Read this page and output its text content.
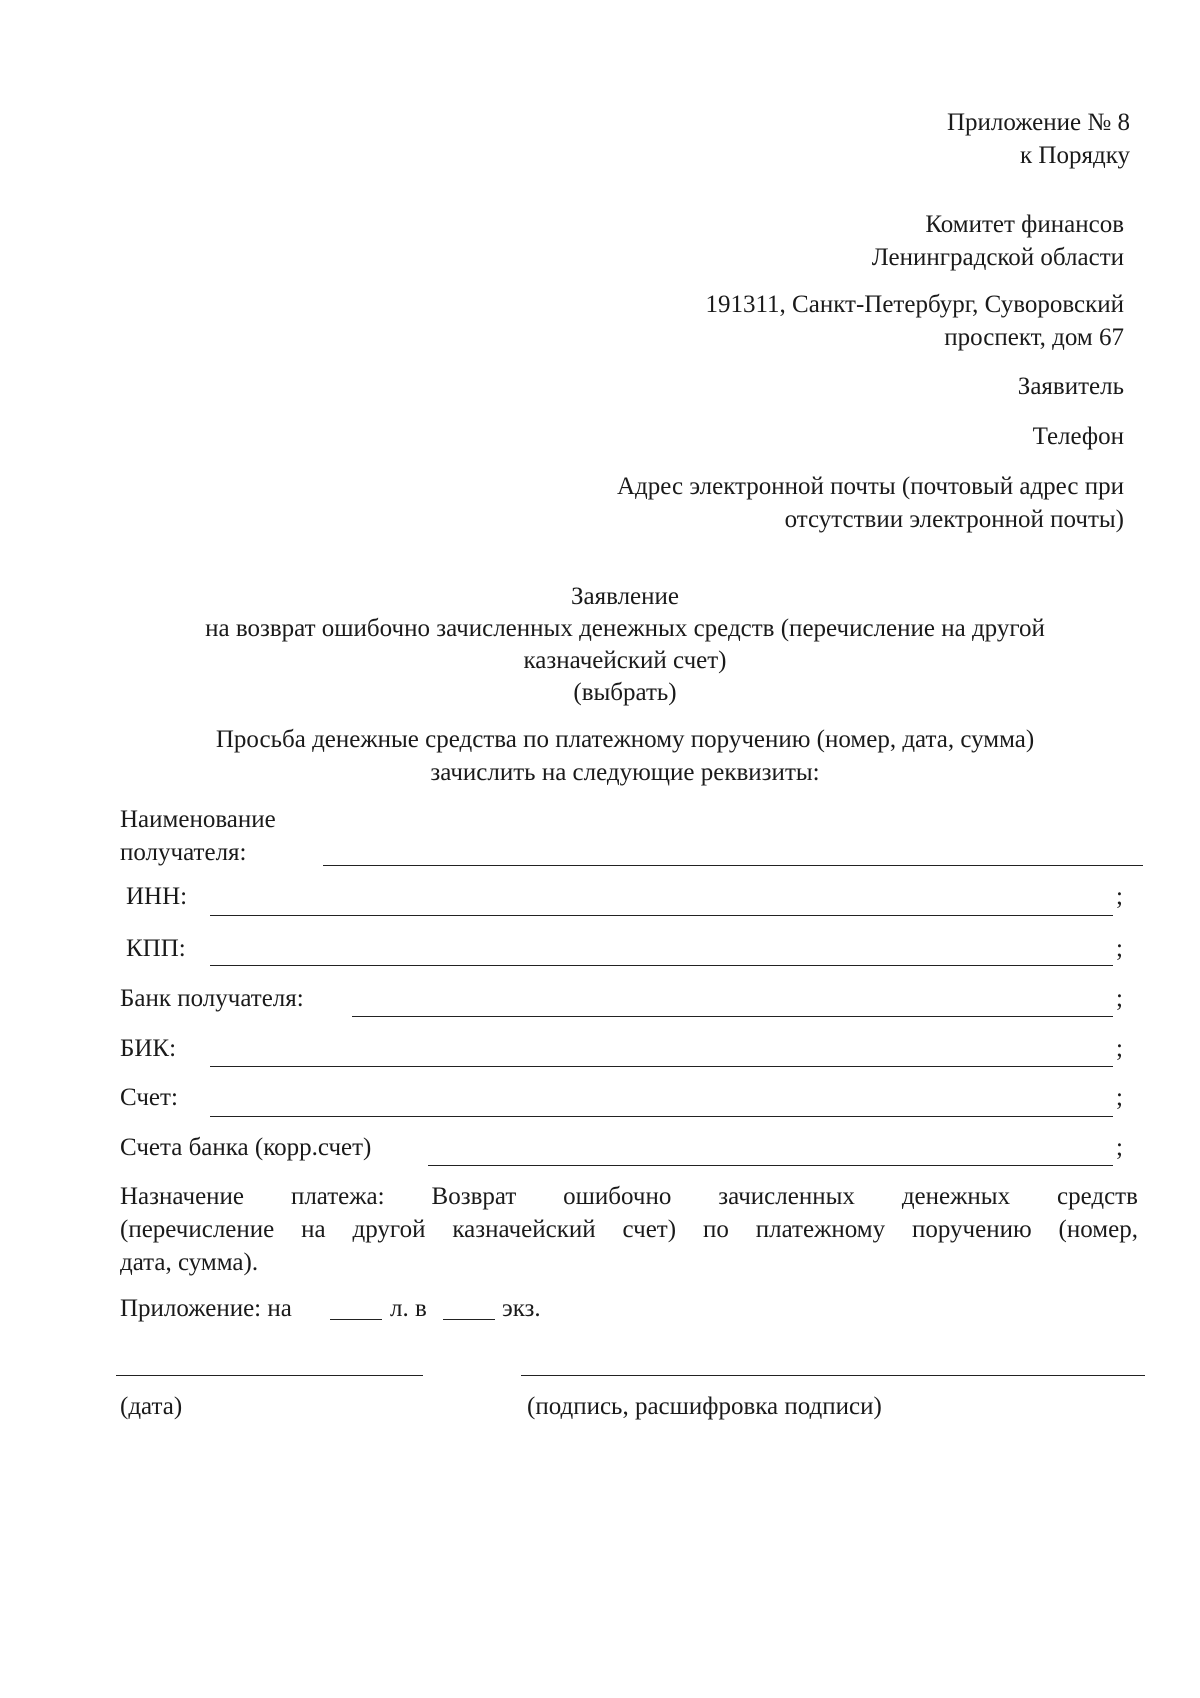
Приложение № 8
к Порядку
Комитет финансов
Ленинградской области
191311, Санкт-Петербург, Суворовский
проспект, дом 67
Заявитель
Телефон
Адрес электронной почты (почтовый адрес при
отсутствии электронной почты)
Заявление
на возврат ошибочно зачисленных денежных средств (перечисление на другой
казначейский счет)
(выбрать)
Просьба денежные средства по платежному поручению (номер, дата, сумма)
зачислить на следующие реквизиты:
Наименование
получателя:
ИНН:	;
КПП:	;
Банк получателя:	;
БИК:	;
Счет:	;
Счета банка (корр.счет)	;
Назначение платежа: Возврат ошибочно зачисленных денежных средств
(перечисление на другой казначейский счет) по платежному поручению (номер,
дата, сумма).
Приложение: на	л. в	экз.
(дата)	(подпись, расшифровка подписи)
